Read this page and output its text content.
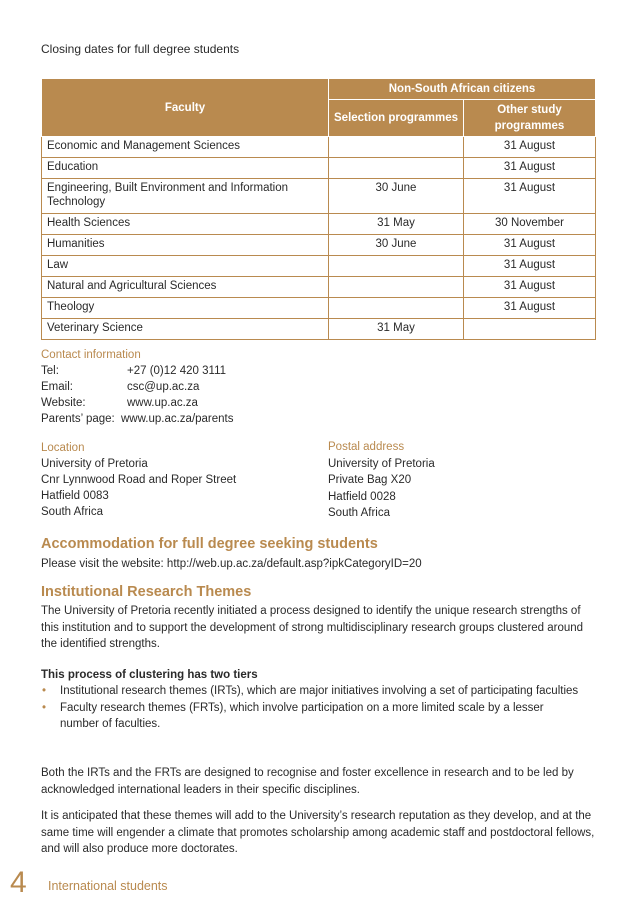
Closing dates for full degree students
Faculty	Non-South African citizens	
	Selection programmes	Other study programmes
Economic and Management Sciences		31 August
Education		31 August
Engineering, Built Environment and Information Technology	30 June	31 August
Health Sciences	31 May	30 November
Humanities	30 June	31 August
Law		31 August
Natural and Agricultural Sciences		31 August
Theology		31 August
Veterinary Science	31 May	
Contact information
Tel:	+27 (0)12 420 3111
Email:	csc@up.ac.za
Website:	www.up.ac.za
Parents’ page: www.up.ac.za/parents
Location
University of Pretoria
Cnr Lynnwood Road and Roper Street
Hatfield 0083
South Africa
Postal address
University of Pretoria
Private Bag X20
Hatfield 0028
South Africa
Accommodation for full degree seeking students
Please visit the website: http://web.up.ac.za/default.asp?ipkCategoryID=20
Institutional Research Themes
The University of Pretoria recently initiated a process designed to identify the unique research strengths of this institution and to support the development of strong multidisciplinary research groups clustered around the identified strengths.
This process of clustering has two tiers
• Institutional research themes (IRTs), which are major initiatives involving a set of participating faculties
• Faculty research themes (FRTs), which involve participation on a more limited scale by a lesser number of faculties.
Both the IRTs and the FRTs are designed to recognise and foster excellence in research and to be led by acknowledged international leaders in their specific disciplines.
It is anticipated that these themes will add to the University’s research reputation as they develop, and at the same time will engender a climate that promotes scholarship among academic staff and postdoctoral fellows, and will also produce more doctorates.
4 International students
